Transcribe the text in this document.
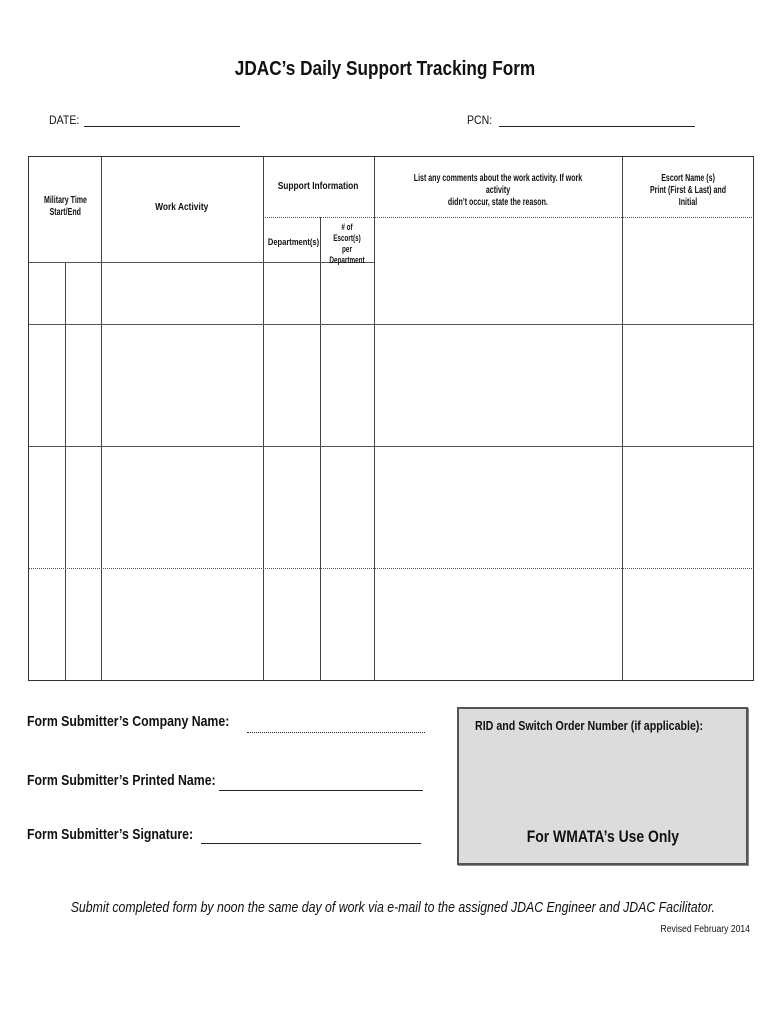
JDAC’s Daily Support Tracking Form
DATE:	PCN:
Military Time
Start/End	Work Activity
Support Information
Department(s)
# of
Escort(s) per
Department
List any comments about the work activity. If work activity
didn’t occur, state the reason.
Escort Name (s)
Print (First & Last) and Initial
Form Submitter’s Company Name:
Form Submitter’s Printed Name:
Form Submitter’s Signature:
RID and Switch Order Number (if applicable):
For WMATA’s Use Only
Submit completed form by noon the same day of work via e-mail to the assigned JDAC Engineer and JDAC Facilitator.
Revised February 2014
